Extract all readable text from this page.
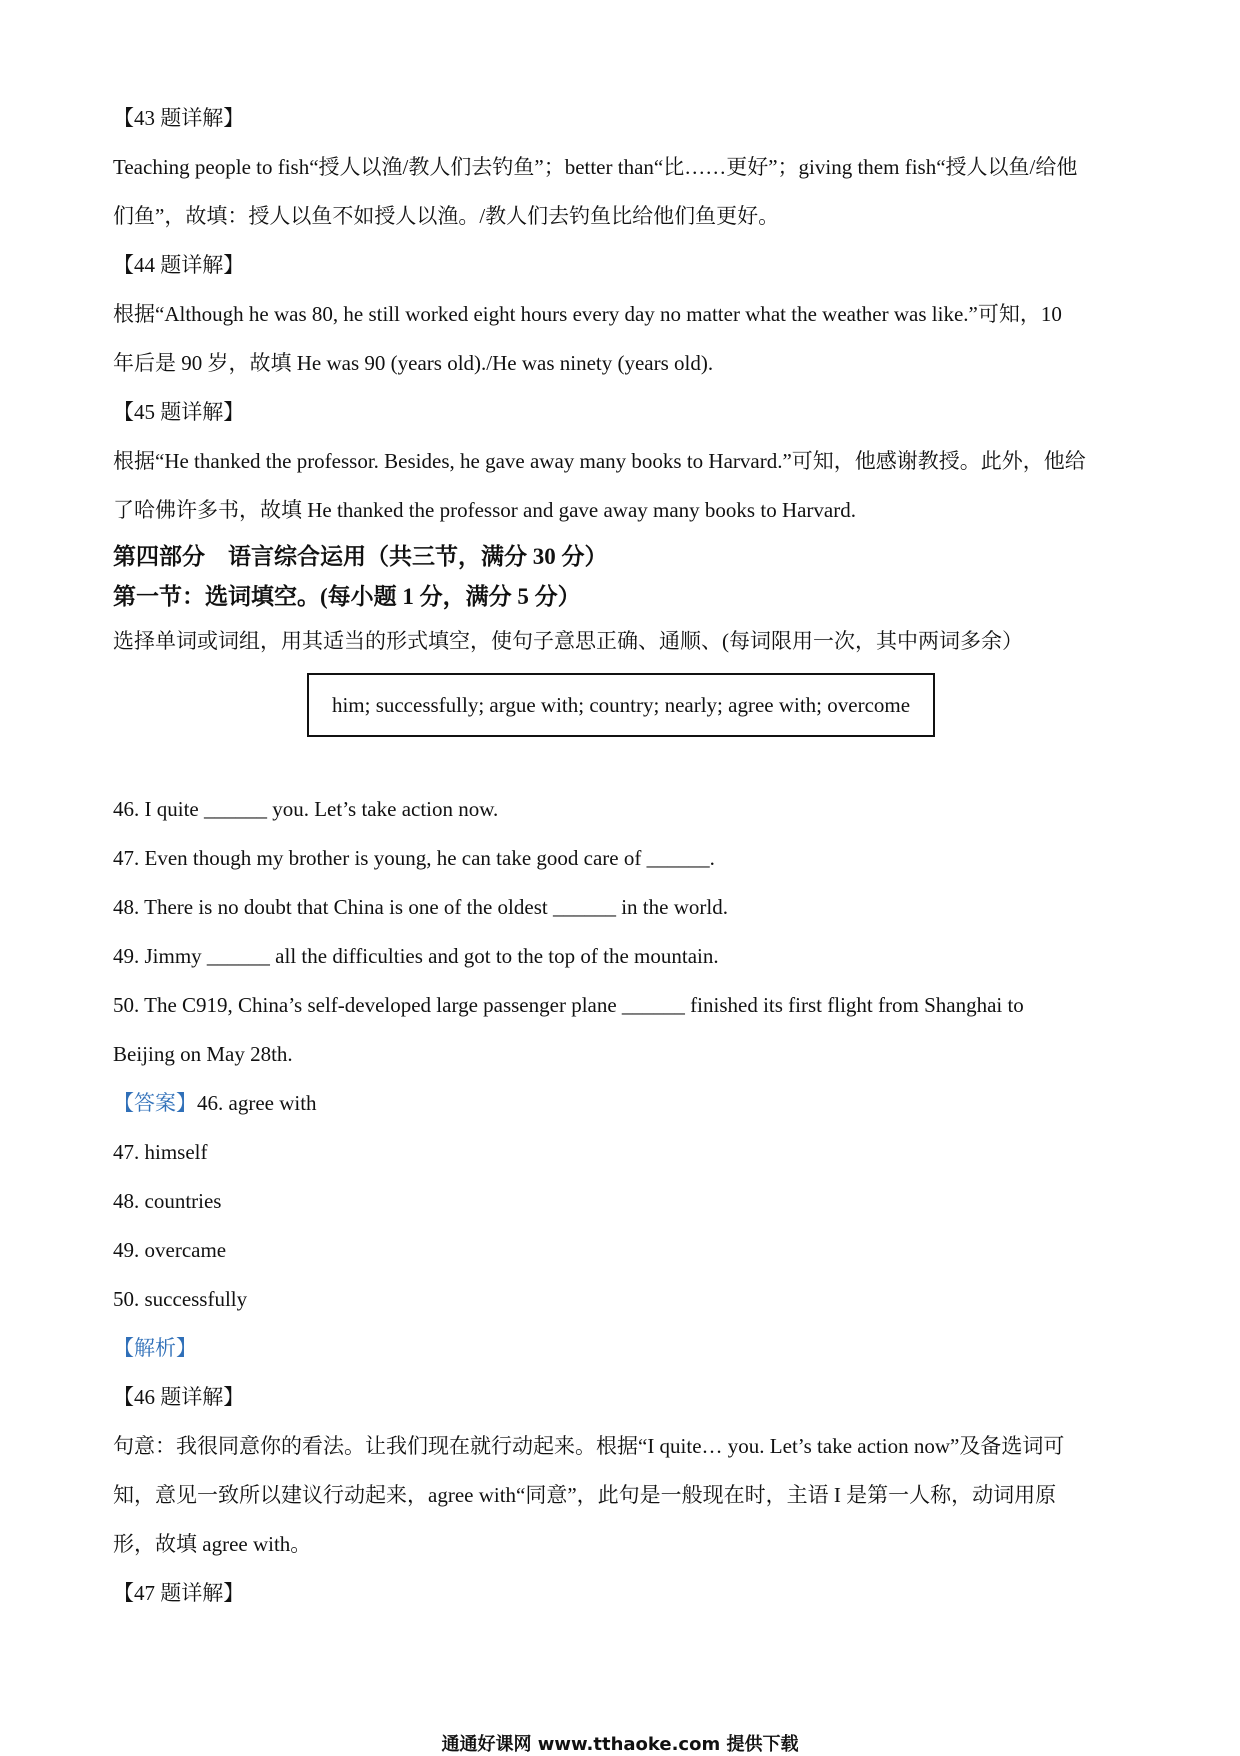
【43 题详解】

Teaching people to fish“授人以渔/教人们去钓鱼”；better than“比……更好”；giving them fish“授人以鱼/给他

们鱼”，故填：授人以鱼不如授人以渔。/教人们去钓鱼比给他们鱼更好。

【44 题详解】

根据“Although he was 80, he still worked eight hours every day no matter what the weather was like.”可知，10

年后是 90 岁，故填 He was 90 (years old)./He was ninety (years old).

【45 题详解】

根据“He thanked the professor. Besides, he gave away many books to Harvard.”可知，他感谢教授。此外，他给

了哈佛许多书，故填 He thanked the professor and gave away many books to Harvard.

第四部分　语言综合运用（共三节，满分 30 分）

第一节：选词填空。(每小题 1 分，满分 5 分）

选择单词或词组，用其适当的形式填空，使句子意思正确、通顺、(每词限用一次，其中两词多余）

him; successfully; argue with; country; nearly; agree with; overcome

46. I quite ______ you. Let’s take action now.

47. Even though my brother is young, he can take good care of ______.

48. There is no doubt that China is one of the oldest ______ in the world.

49. Jimmy ______ all the difficulties and got to the top of the mountain.

50. The C919, China’s self-developed large passenger plane ______ finished its first flight from Shanghai to

Beijing on May 28th.

【答案】46. agree with

47. himself

48. countries

49. overcame

50. successfully

【解析】

【46 题详解】

句意：我很同意你的看法。让我们现在就行动起来。根据“I quite… you. Let’s take action now”及备选词可

知，意见一致所以建议行动起来，agree with“同意”，此句是一般现在时，主语 I 是第一人称，动词用原

形，故填 agree with。

【47 题详解】

通通好课网 www.tthaoke.com 提供下载
